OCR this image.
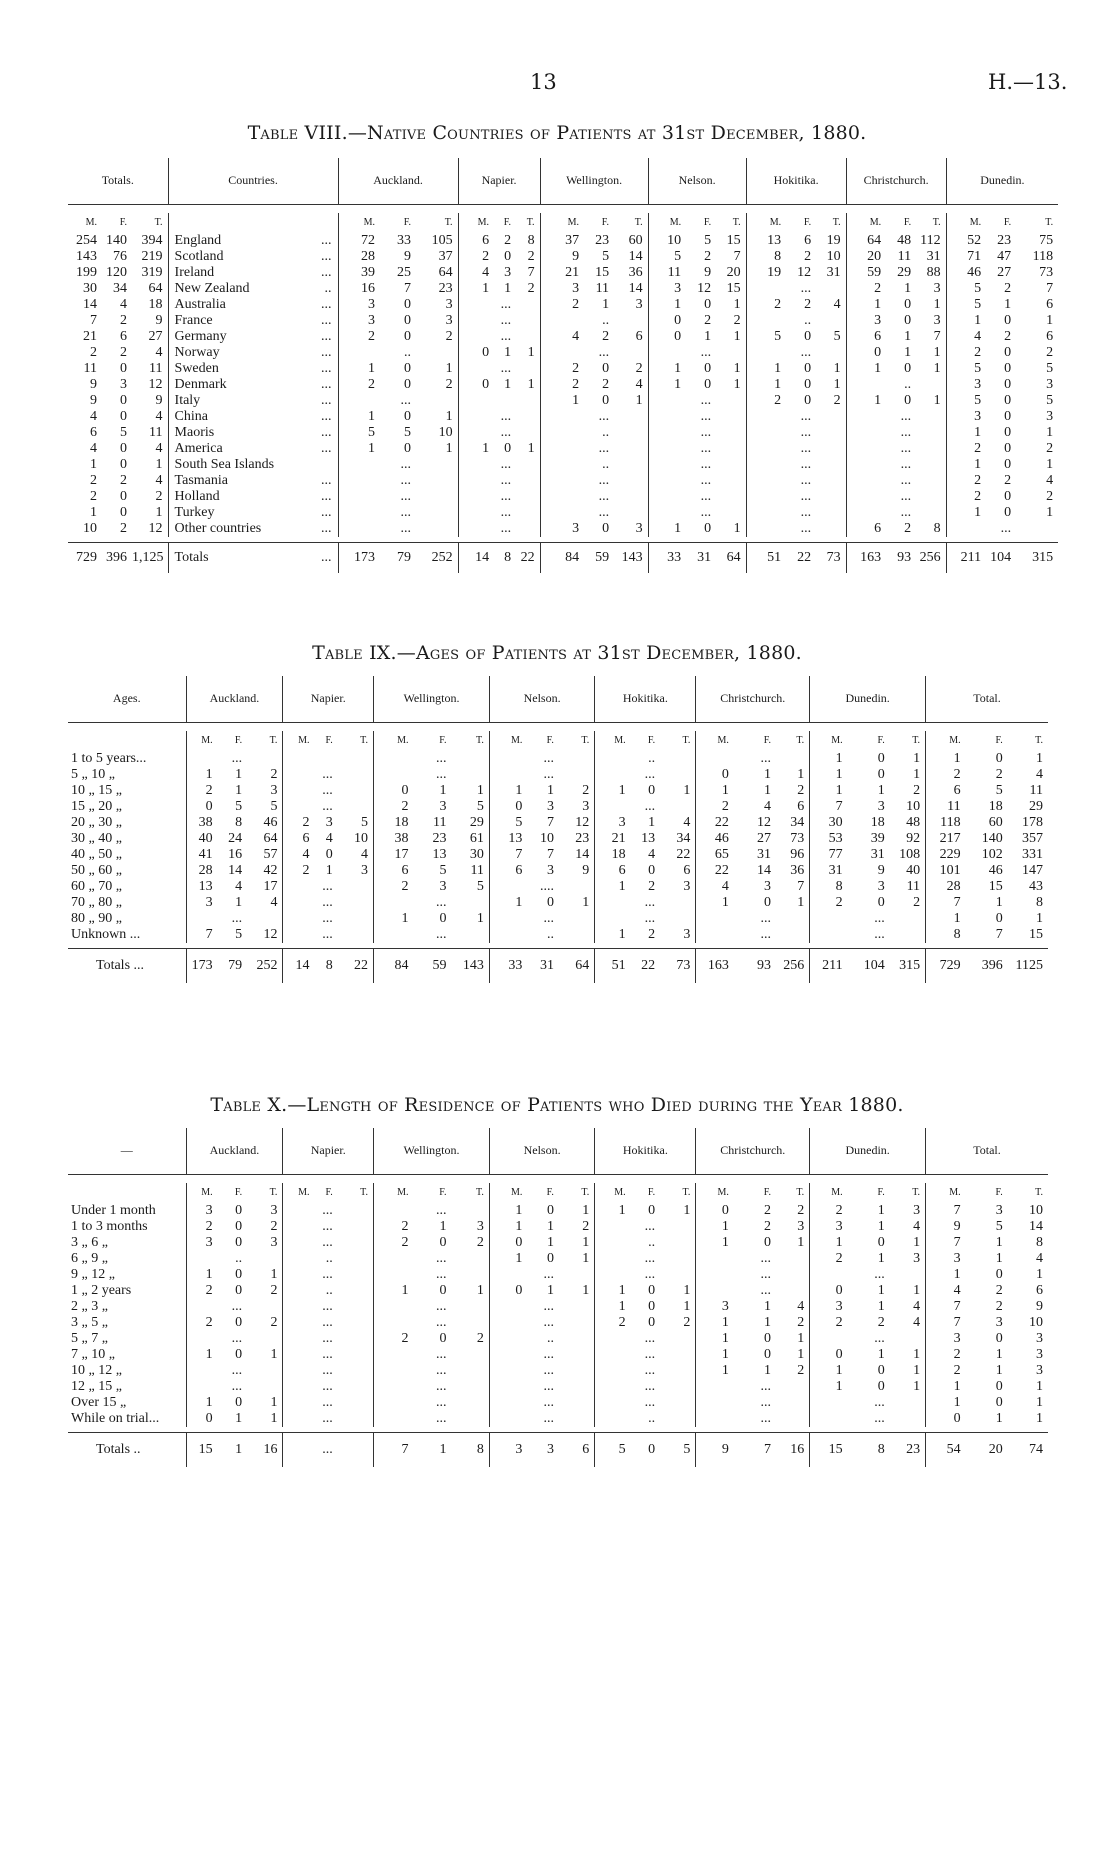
13	H.—13.
Table VIII.—Native Countries of Patients at 31st December, 1880.
Totals.			Countries.	Auckland.			Napier.			Wellington.			Nelson.			Hokitika.			Christchurch.			Dunedin.		

M.	F.	T.		M.	F.	T.	M.	F.	T.	M.	F.	T.	M.	F.	T.	M.	F.	T.	M.	F.	T.	M.	F.	T.
254	140	394	England ...	72	33	105	6	2	8	37	23	60	10	5	15	13	6	19	64	48	112	52	23	75
143	76	219	Scotland ...	28	9	37	2	0	2	9	5	14	5	2	7	8	2	10	20	11	31	71	47	118
199	120	319	Ireland ...	39	25	64	4	3	7	21	15	36	11	9	20	19	12	31	59	29	88	46	27	73
30	34	64	New Zealand ..	16	7	23	1	1	2	3	11	14	3	12	15		...		2	1	3	5	2	7
14	4	18	Australia ...	3	0	3		...		2	1	3	1	0	1	2	2	4	1	0	1	5	1	6
7	2	9	France ...	3	0	3		...			..		0	2	2		..		3	0	3	1	0	1
21	6	27	Germany ...	2	0	2		...		4	2	6	0	1	1	5	0	5	6	1	7	4	2	6
2	2	4	Norway ...		..		0	1	1		...			...			...		0	1	1	2	0	2
11	0	11	Sweden ...	1	0	1		...		2	0	2	1	0	1	1	0	1	1	0	1	5	0	5
9	3	12	Denmark ...	2	0	2	0	1	1	2	2	4	1	0	1	1	0	1		..		3	0	3
9	0	9	Italy ...		...					1	0	1		...		2	0	2	1	0	1	5	0	5
4	0	4	China ...	1	0	1		...			...			...			...			...		3	0	3
6	5	11	Maoris ...	5	5	10		...			..			...			...			...		1	0	1
4	0	4	America ...	1	0	1	1	0	1		...			...			...			...		2	0	2
1	0	1	South Sea Islands		...			...			..			...			...			...		1	0	1
2	2	4	Tasmania ...		...			...			...			...			...			...		2	2	4
2	0	2	Holland ...		...			...			...			...			...			...		2	0	2
1	0	1	Turkey ...		...			...			...			...			...			...		1	0	1
10	2	12	Other countries ...		...			...		3	0	3	1	0	1		...		6	2	8		...	

729	396	1,125	Totals ...	173	79	252	14	8	22	84	59	143	33	31	64	51	22	73	163	93	256	211	104	315
Table IX.—Ages of Patients at 31st December, 1880.
Ages.	Auckland.			Napier.			Wellington.			Nelson.			Hokitika.			Christchurch.			Dunedin.			Total.		

	M.	F.	T.	M.	F.	T.	M.	F.	T.	M.	F.	T.	M.	F.	T.	M.	F.	T.	M.	F.	T.	M.	F.	T.
1 to 5 years...		...						...			...			..			...		1	0	1	1	0	1
5 „ 10 „	1	1	2		...			...			...			...		0	1	1	1	0	1	2	2	4
10 „ 15 „	2	1	3		...		0	1	1	1	1	2	1	0	1	1	1	2	1	1	2	6	5	11
15 „ 20 „	0	5	5		...		2	3	5	0	3	3		...		2	4	6	7	3	10	11	18	29
20 „ 30 „	38	8	46	2	3	5	18	11	29	5	7	12	3	1	4	22	12	34	30	18	48	118	60	178
30 „ 40 „	40	24	64	6	4	10	38	23	61	13	10	23	21	13	34	46	27	73	53	39	92	217	140	357
40 „ 50 „	41	16	57	4	0	4	17	13	30	7	7	14	18	4	22	65	31	96	77	31	108	229	102	331
50 „ 60 „	28	14	42	2	1	3	6	5	11	6	3	9	6	0	6	22	14	36	31	9	40	101	46	147
60 „ 70 „	13	4	17		...		2	3	5		....		1	2	3	4	3	7	8	3	11	28	15	43
70 „ 80 „	3	1	4		...			...		1	0	1		...		1	0	1	2	0	2	7	1	8
80 „ 90 „		...			...		1	0	1		...			...			...			...		1	0	1
Unknown ...	7	5	12		...			...			..		1	2	3		...			...		8	7	15

Totals ...	173	79	252	14	8	22	84	59	143	33	31	64	51	22	73	163	93	256	211	104	315	729	396	1125
Table X.—Length of Residence of Patients who Died during the Year 1880.
—	Auckland.			Napier.			Wellington.			Nelson.			Hokitika.			Christchurch.			Dunedin.			Total.		

	M.	F.	T.	M.	F.	T.	M.	F.	T.	M.	F.	T.	M.	F.	T.	M.	F.	T.	M.	F.	T.	M.	F.	T.
Under 1 month	3	0	3		...			...		1	0	1	1	0	1	0	2	2	2	1	3	7	3	10
1 to 3 months	2	0	2		...		2	1	3	1	1	2		...		1	2	3	3	1	4	9	5	14
3 „ 6 „	3	0	3		...		2	0	2	0	1	1		..		1	0	1	1	0	1	7	1	8
6 „ 9 „		..			..			...		1	0	1		...			...		2	1	3	3	1	4
9 „ 12 „	1	0	1		...			...			...			...			...			...		1	0	1
1 „ 2 years	2	0	2		..		1	0	1	0	1	1	1	0	1		...		0	1	1	4	2	6
2 „ 3 „		...			...			...			...		1	0	1	3	1	4	3	1	4	7	2	9
3 „ 5 „	2	0	2		...			...			...		2	0	2	1	1	2	2	2	4	7	3	10
5 „ 7 „		...			...		2	0	2		..			...		1	0	1		...		3	0	3
7 „ 10 „	1	0	1		...			...			...			...		1	0	1	0	1	1	2	1	3
10 „ 12 „		...			...			...			...			...		1	1	2	1	0	1	2	1	3
12 „ 15 „		...			...			...			...			...			...		1	0	1	1	0	1
Over 15 „	1	0	1		...			...			...			...			...			...		1	0	1
While on trial...	0	1	1		...			...			...			..			...			...		0	1	1

Totals ..	15	1	16		...		7	1	8	3	3	6	5	0	5	9	7	16	15	8	23	54	20	74
